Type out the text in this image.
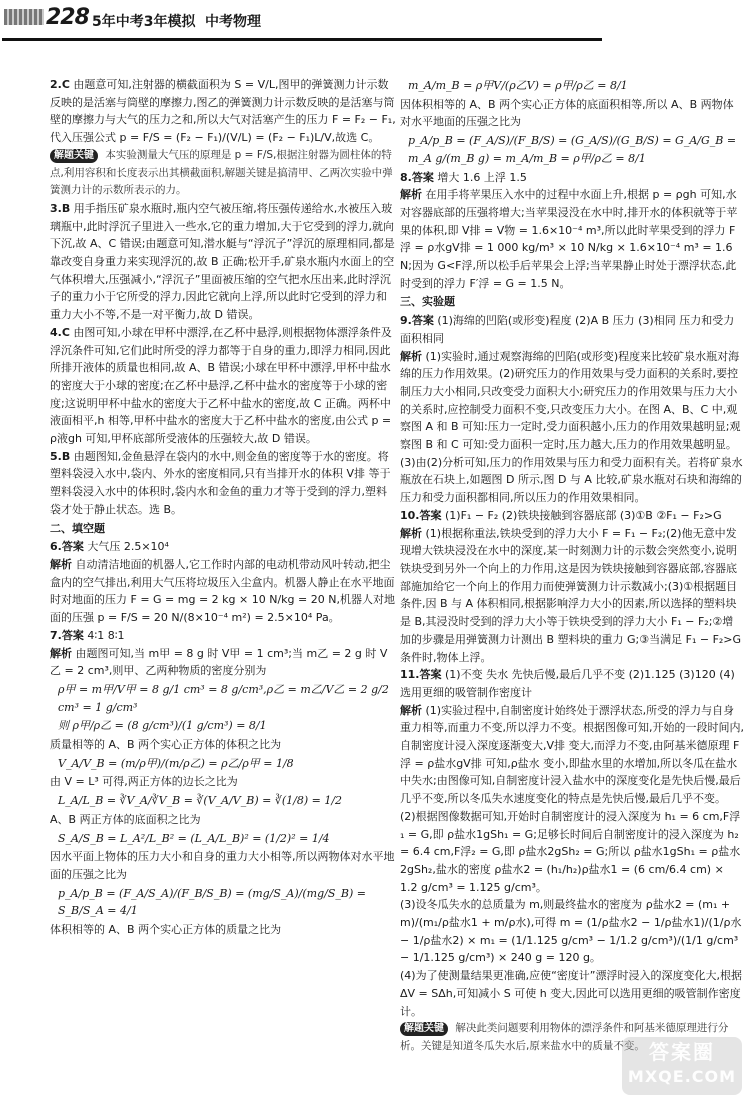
228 5年中考3年模拟 中考物理

2.C 由题意可知,注射器的横截面积为 S = V/L,图甲的弹簧测力计示数反映的是活塞与筒壁的摩擦力,图乙的弹簧测力计示数反映的是活塞与筒壁的摩擦力与大气的压力之和,所以大气对活塞产生的压力 F = F₂ − F₁,代入压强公式 p = F/S = (F₂ − F₁)/(V/L) = (F₂ − F₁)L/V,故选 C。

解题关键 本实验测量大气压的原理是 p = F/S,根据注射器为圆柱体的特点,利用容积和长度表示出其横截面积,解题关键是搞清甲、乙两次实验中弹簧测力计的示数所表示的力。

3.B 用手指压矿泉水瓶时,瓶内空气被压缩,将压强传递给水,水被压入玻璃瓶中,此时浮沉子里进入一些水,它的重力增加,大于它受到的浮力,就向下沉,故 A、C 错误;由题意可知,潜水艇与“浮沉子”浮沉的原理相同,都是靠改变自身重力来实现浮沉的,故 B 正确;松开手,矿泉水瓶内水面上的空气体积增大,压强减小,“浮沉子”里面被压缩的空气把水压出来,此时浮沉子的重力小于它所受的浮力,因此它就向上浮,所以此时它受到的浮力和重力大小不等,不是一对平衡力,故 D 错误。

4.C 由图可知,小球在甲杯中漂浮,在乙杯中悬浮,则根据物体漂浮条件及浮沉条件可知,它们此时所受的浮力都等于自身的重力,即浮力相同,因此所排开液体的质量也相同,故 A、B 错误;小球在甲杯中漂浮,甲杯中盐水的密度大于小球的密度;在乙杯中悬浮,乙杯中盐水的密度等于小球的密度;这说明甲杯中盐水的密度大于乙杯中盐水的密度,故 C 正确。两杯中液面相平,h 相等,甲杯中盐水的密度大于乙杯中盐水的密度,由公式 p = ρ液gh 可知,甲杯底部所受液体的压强较大,故 D 错误。

5.B 由题图知,金鱼悬浮在袋内的水中,则金鱼的密度等于水的密度。将塑料袋浸入水中,袋内、外水的密度相同,只有当排开水的体积 V排 等于塑料袋浸入水中的体积时,袋内水和金鱼的重力才等于受到的浮力,塑料袋才处于静止状态。选 B。

二、填空题

6.答案 大气压 2.5×10⁴

解析 自动清洁地面的机器人,它工作时内部的电动机带动风叶转动,把尘盒内的空气排出,利用大气压将垃圾压入尘盒内。机器人静止在水平地面时对地面的压力 F = G = mg = 2 kg × 10 N/kg = 20 N,机器人对地面的压强 p = F/S = 20 N/(8×10⁻⁴ m²) = 2.5×10⁴ Pa。

7.答案 4∶1 8∶1

解析 由题图可知,当 m甲 = 8 g 时 V甲 = 1 cm³;当 m乙 = 2 g 时 V乙 = 2 cm³,则甲、乙两种物质的密度分别为

ρ甲 = m甲/V甲 = 8 g/1 cm³ = 8 g/cm³,ρ乙 = m乙/V乙 = 2 g/2 cm³ = 1 g/cm³

则 ρ甲/ρ乙 = (8 g/cm³)/(1 g/cm³) = 8/1

质量相等的 A、B 两个实心正方体的体积之比为

V_A/V_B = (m/ρ甲)/(m/ρ乙) = ρ乙/ρ甲 = 1/8

由 V = L³ 可得,两正方体的边长之比为

L_A/L_B = ∛V_A/∛V_B = ∛(V_A/V_B) = ∛(1/8) = 1/2

A、B 两正方体的底面积之比为

S_A/S_B = L_A²/L_B² = (L_A/L_B)² = (1/2)² = 1/4

因水平面上物体的压力大小和自身的重力大小相等,所以两物体对水平地面的压强之比为

p_A/p_B = (F_A/S_A)/(F_B/S_B) = (mg/S_A)/(mg/S_B) = S_B/S_A = 4/1

体积相等的 A、B 两个实心正方体的质量之比为

m_A/m_B = ρ甲V/(ρ乙V) = ρ甲/ρ乙 = 8/1

因体积相等的 A、B 两个实心正方体的底面积相等,所以 A、B 两物体对水平地面的压强之比为

p_A/p_B = (F_A/S)/(F_B/S) = (G_A/S)/(G_B/S) = G_A/G_B = m_A g/(m_B g) = m_A/m_B = ρ甲/ρ乙 = 8/1

8.答案 增大 1.6 上浮 1.5

解析 在用手将苹果压入水中的过程中水面上升,根据 p = ρgh 可知,水对容器底部的压强将增大;当苹果浸没在水中时,排开水的体积就等于苹果的体积,即 V排 = V物 = 1.6×10⁻⁴ m³,所以此时苹果受到的浮力 F浮 = ρ水gV排 = 1 000 kg/m³ × 10 N/kg × 1.6×10⁻⁴ m³ = 1.6 N;因为 G<F浮,所以松手后苹果会上浮;当苹果静止时处于漂浮状态,此时受到的浮力 F′浮 = G = 1.5 N。

三、实验题

9.答案 (1)海绵的凹陷(或形变)程度 (2)A B 压力 (3)相同 压力和受力面积相同

解析 (1)实验时,通过观察海绵的凹陷(或形变)程度来比较矿泉水瓶对海绵的压力作用效果。(2)研究压力的作用效果与受力面积的关系时,要控制压力大小相同,只改变受力面积大小;研究压力的作用效果与压力大小的关系时,应控制受力面积不变,只改变压力大小。在图 A、B、C 中,观察图 A 和 B 可知:压力一定时,受力面积越小,压力的作用效果越明显;观察图 B 和 C 可知:受力面积一定时,压力越大,压力的作用效果越明显。(3)由(2)分析可知,压力的作用效果与压力和受力面积有关。若将矿泉水瓶放在石块上,如题图 D 所示,图 D 与 A 比较,矿泉水瓶对石块和海绵的压力和受力面积都相同,所以压力的作用效果相同。

10.答案 (1)F₁ − F₂ (2)铁块接触到容器底部 (3)①B ②F₁ − F₂>G

解析 (1)根据称重法,铁块受到的浮力大小 F = F₁ − F₂;(2)他无意中发现增大铁块浸没在水中的深度,某一时刻测力计的示数会突然变小,说明铁块受到另外一个向上的力作用,这是因为铁块接触到容器底部,容器底部施加给它一个向上的作用力而使弹簧测力计示数减小;(3)①根据题目条件,因 B 与 A 体积相同,根据影响浮力大小的因素,所以选择的塑料块是 B,其浸没时受到的浮力大小等于铁块受到的浮力大小 F₁ − F₂;②增加的步骤是用弹簧测力计测出 B 塑料块的重力 G;③当满足 F₁ − F₂>G 条件时,物体上浮。

11.答案 (1)不变 失水 先快后慢,最后几乎不变 (2)1.125 (3)120 (4)选用更细的吸管制作密度计

解析 (1)实验过程中,自制密度计始终处于漂浮状态,所受的浮力与自身重力相等,而重力不变,所以浮力不变。根据图像可知,开始的一段时间内,自制密度计浸入深度逐渐变大,V排 变大,而浮力不变,由阿基米德原理 F浮 = ρ盐水gV排 可知,ρ盐水 变小,即盐水里的水增加,所以冬瓜在盐水中失水;由图像可知,自制密度计浸入盐水中的深度变化是先快后慢,最后几乎不变,所以冬瓜失水速度变化的特点是先快后慢,最后几乎不变。

(2)根据图像数据可知,开始时自制密度计的浸入深度为 h₁ = 6 cm,F浮₁ = G,即 ρ盐水1gSh₁ = G;足够长时间后自制密度计的浸入深度为 h₂ = 6.4 cm,F浮₂ = G,即 ρ盐水2gSh₂ = G;所以 ρ盐水1gSh₁ = ρ盐水2gSh₂,盐水的密度 ρ盐水2 = (h₁/h₂)ρ盐水1 = (6 cm/6.4 cm) × 1.2 g/cm³ = 1.125 g/cm³。

(3)设冬瓜失水的总质量为 m,则最终盐水的密度为 ρ盐水2 = (m₁ + m)/(m₁/ρ盐水1 + m/ρ水),可得 m = (1/ρ盐水2 − 1/ρ盐水1)/(1/ρ水 − 1/ρ盐水2) × m₁ = (1/1.125 g/cm³ − 1/1.2 g/cm³)/(1/1 g/cm³ − 1/1.125 g/cm³) × 240 g = 120 g。

(4)为了使测量结果更准确,应使“密度计”漂浮时浸入的深度变化大,根据 ΔV = SΔh,可知减小 S 可使 h 变大,因此可以选用更细的吸管制作密度计。

解题关键 解决此类问题要利用物体的漂浮条件和阿基米德原理进行分析。关键是知道冬瓜失水后,原来盐水中的质量不变。 答案圈
MXQE.COM
